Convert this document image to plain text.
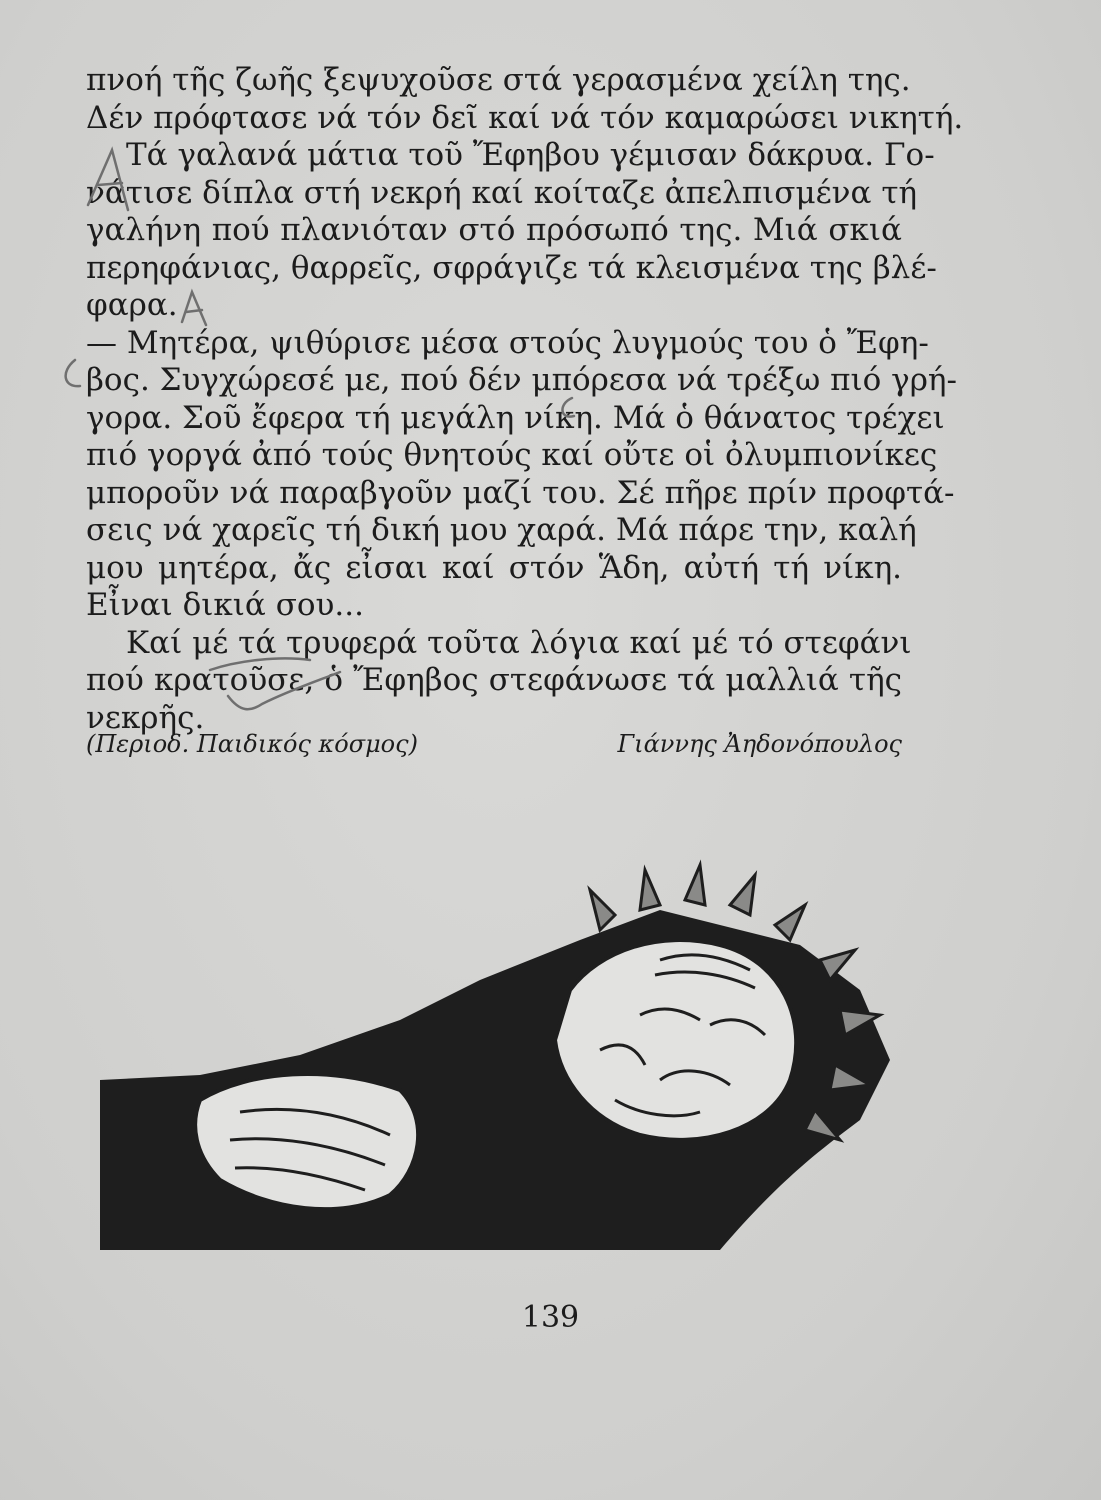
πνοή τῆς ζωῆς ξεψυχοῦσε στά γερασμένα χείλη της.
Δέν πρόφτασε νά τόν δεῖ καί νά τόν καμαρώσει νικητή.
Τά γαλανά μάτια τοῦ Ἔφηβου γέμισαν δάκρυα. Γο-
νάτισε δίπλα στή νεκρή καί κοίταζε ἀπελπισμένα τή
γαλήνη πού πλανιόταν στό πρόσωπό της. Μιά σκιά
περηφάνιας, θαρρεῖς, σφράγιζε τά κλεισμένα της βλέ-
φαρα.
— Μητέρα, ψιθύρισε μέσα στούς λυγμούς του ὁ Ἔφη-
βος. Συγχώρεσέ με, πού δέν μπόρεσα νά τρέξω πιό γρή-
γορα. Σοῦ ἔφερα τή μεγάλη νίκη. Μά ὁ θάνατος τρέχει
πιό γοργά ἀπό τούς θνητούς καί οὔτε οἱ ὀλυμπιονίκες
μποροῦν νά παραβγοῦν μαζί του. Σέ πῆρε πρίν προφτά-
σεις νά χαρεῖς τή δική μου χαρά. Μά πάρε την, καλή
μου μητέρα, ἄς εἶσαι καί στόν Ἅδη, αὐτή τή νίκη.
Εἶναι δικιά σου...
Καί μέ τά τρυφερά τοῦτα λόγια καί μέ τό στεφάνι
πού κρατοῦσε, ὁ Ἔφηβος στεφάνωσε τά μαλλιά τῆς
νεκρῆς.
(Περιοδ. Παιδικός κόσμος)	Γιάννης Ἀηδονόπουλος
139
